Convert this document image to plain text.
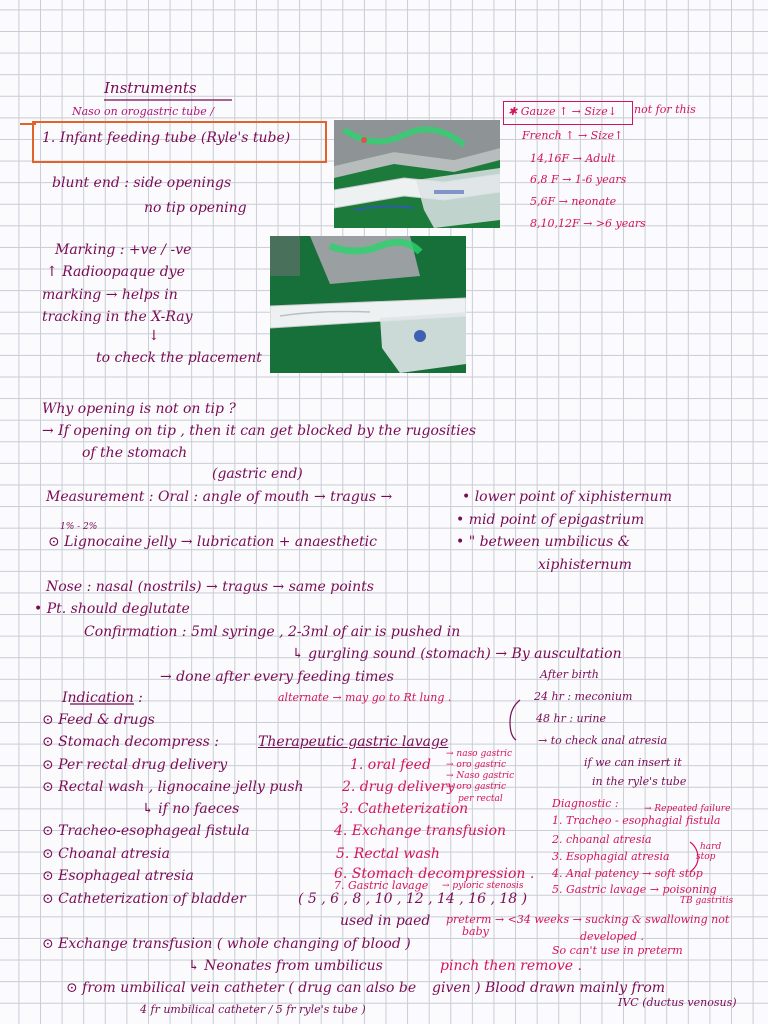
Instruments
Naso on orogastric tube /
1. Infant feeding tube (Ryle's tube)
blunt end : side openings
no tip opening
Marking : +ve / -ve
↑ Radioopaque dye
marking → helps in
tracking in the X-Ray
↓
to check the placement
✱ Gauze ↑ → Size↓ not for this
French ↑ → Size↑
14,16F → Adult
6,8 F → 1-6 years
5,6F → neonate
8,10,12F → >6 years
Why opening is not on tip ?
→ If opening on tip , then it can get blocked by the rugosities
of the stomach
(gastric end)
Measurement : Oral : angle of mouth → tragus →	• lower point of xiphisternum
• mid point of epigastrium
1% - 2%
⊙ Lignocaine jelly → lubrication + anaesthetic	• " between umbilicus &
xiphisternum
Nose : nasal (nostrils) → tragus → same points
• Pt. should deglutate
Confirmation : 5ml syringe , 2-3ml of air is pushed in
↳ gurgling sound (stomach) → By auscultation
→ done after every feeding times
alternate → may go to Rt lung .
After birth
24 hr : meconium
48 hr : urine
→ to check anal atresia
if we can insert it
in the ryle's tube
Indication :
⊙ Feed & drugs
⊙ Stomach decompress :	Therapeutic gastric lavage
⊙ Per rectal drug delivery
⊙ Rectal wash , lignocaine jelly push
↳ if no faeces
⊙ Tracheo-esophageal fistula
⊙ Choanal atresia
⊙ Esophageal atresia
⊙ Catheterization of bladder	( 5 , 6 , 8 , 10 , 12 , 14 , 16 , 18 )
used in paed
⊙ Exchange transfusion ( whole changing of blood )
↳ Neonates from umbilicus	pinch then remove .
⊙ from umbilical vein catheter ( drug can also be given ) Blood drawn mainly from
IVC (ductus venosus)
4 fr umbilical catheter / 5 fr ryle's tube )
1. oral feed
→ naso gastric
→ oro gastric
2. drug delivery
→ Naso gastric
→ oro gastric
per rectal
3. Catheterization
4. Exchange transfusion
5. Rectal wash
6. Stomach decompression .
7. Gastric lavage → pyloric stenosis
preterm → <34 weeks → sucking & swallowing not
baby	developed .
So can't use in preterm
Diagnostic :	→ Repeated failure
1. Tracheo - esophagial fistula
2. choanal atresia
hard
stop
3. Esophagial atresia
4. Anal patency → soft stop
5. Gastric lavage → poisoning
TB gastritis
